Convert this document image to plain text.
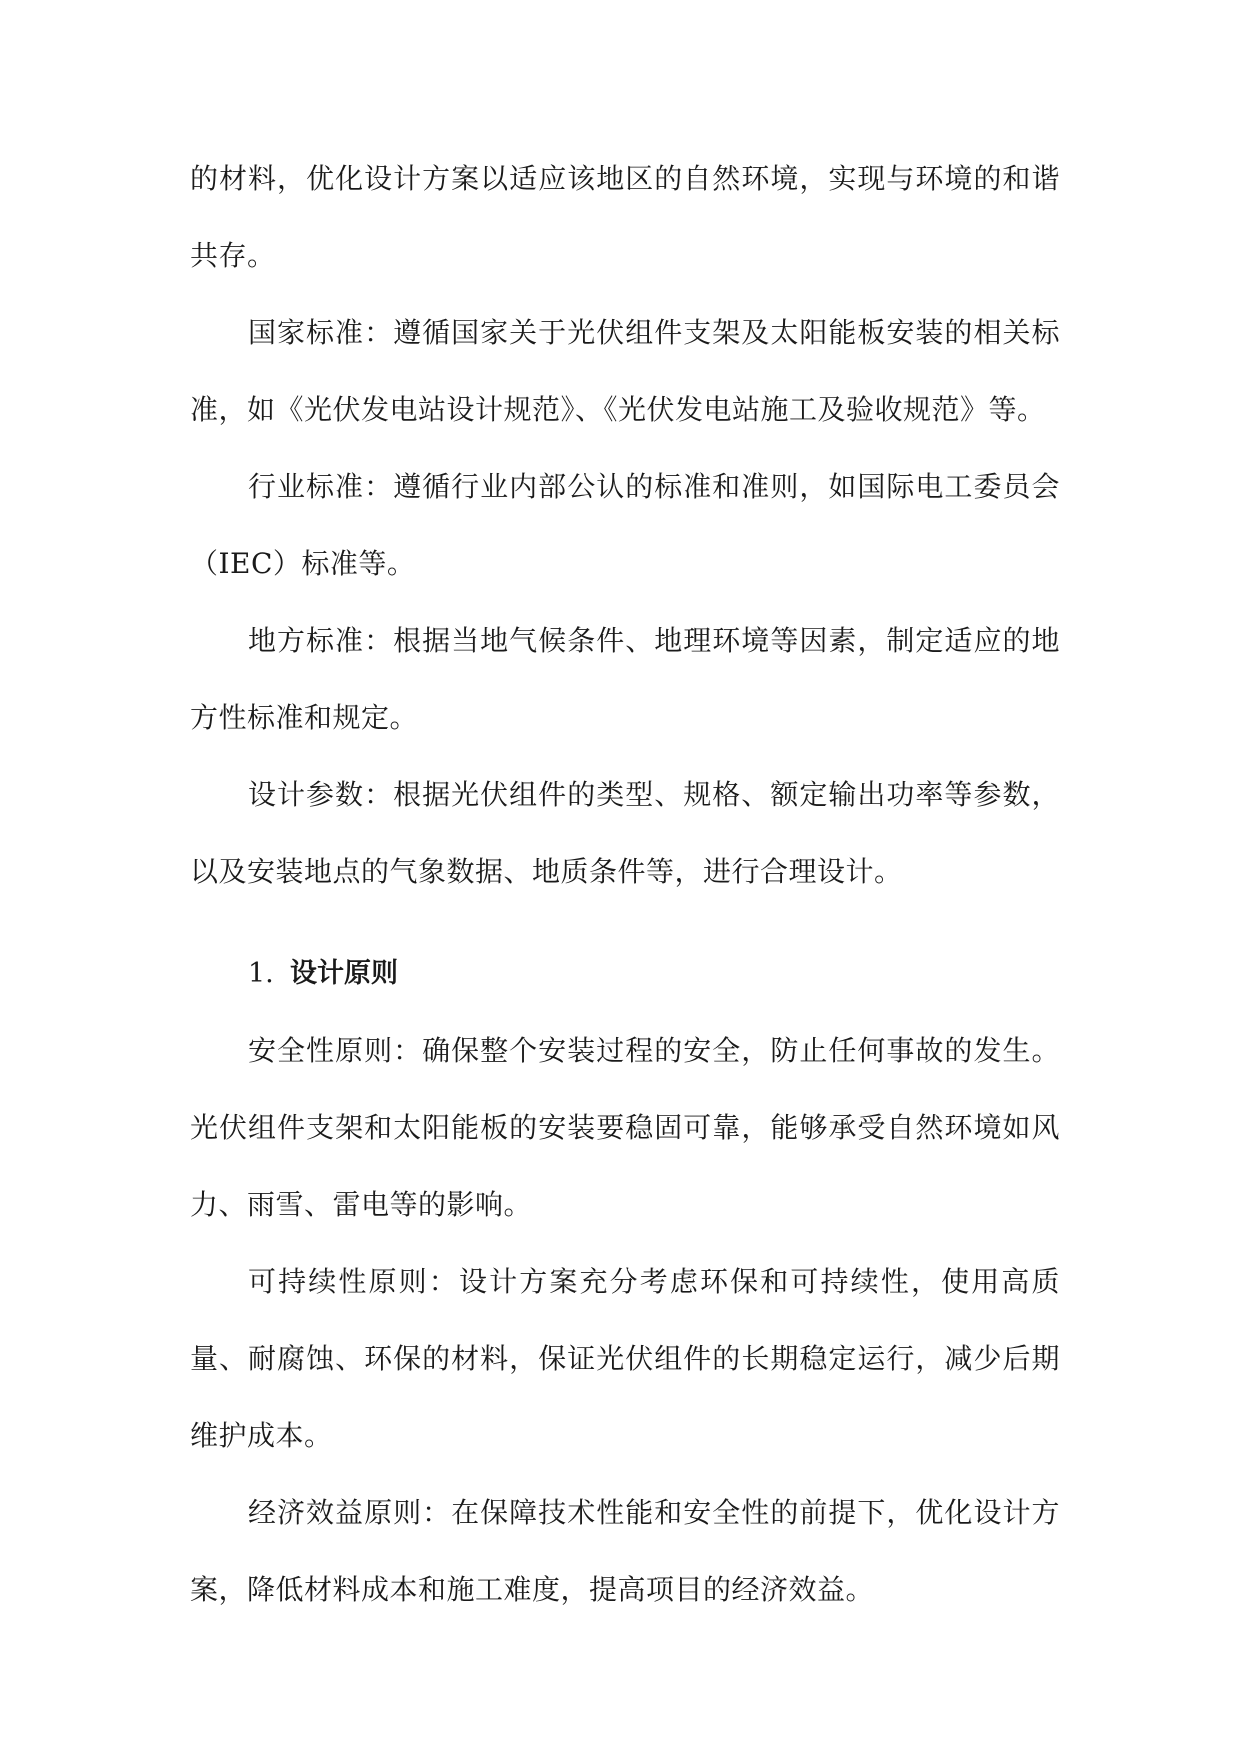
的材料，优化设计方案以适应该地区的自然环境，实现与环境的和谐共存。

国家标准：遵循国家关于光伏组件支架及太阳能板安装的相关标准，如《光伏发电站设计规范》、《光伏发电站施工及验收规范》等。

行业标准：遵循行业内部公认的标准和准则，如国际电工委员会（IEC）标准等。

地方标准：根据当地气候条件、地理环境等因素，制定适应的地方性标准和规定。

设计参数：根据光伏组件的类型、规格、额定输出功率等参数，以及安装地点的气象数据、地质条件等，进行合理设计。

1. 设计原则

安全性原则：确保整个安装过程的安全，防止任何事故的发生。光伏组件支架和太阳能板的安装要稳固可靠，能够承受自然环境如风力、雨雪、雷电等的影响。

可持续性原则：设计方案充分考虑环保和可持续性，使用高质量、耐腐蚀、环保的材料，保证光伏组件的长期稳定运行，减少后期维护成本。

经济效益原则：在保障技术性能和安全性的前提下，优化设计方案，降低材料成本和施工难度，提高项目的经济效益。
